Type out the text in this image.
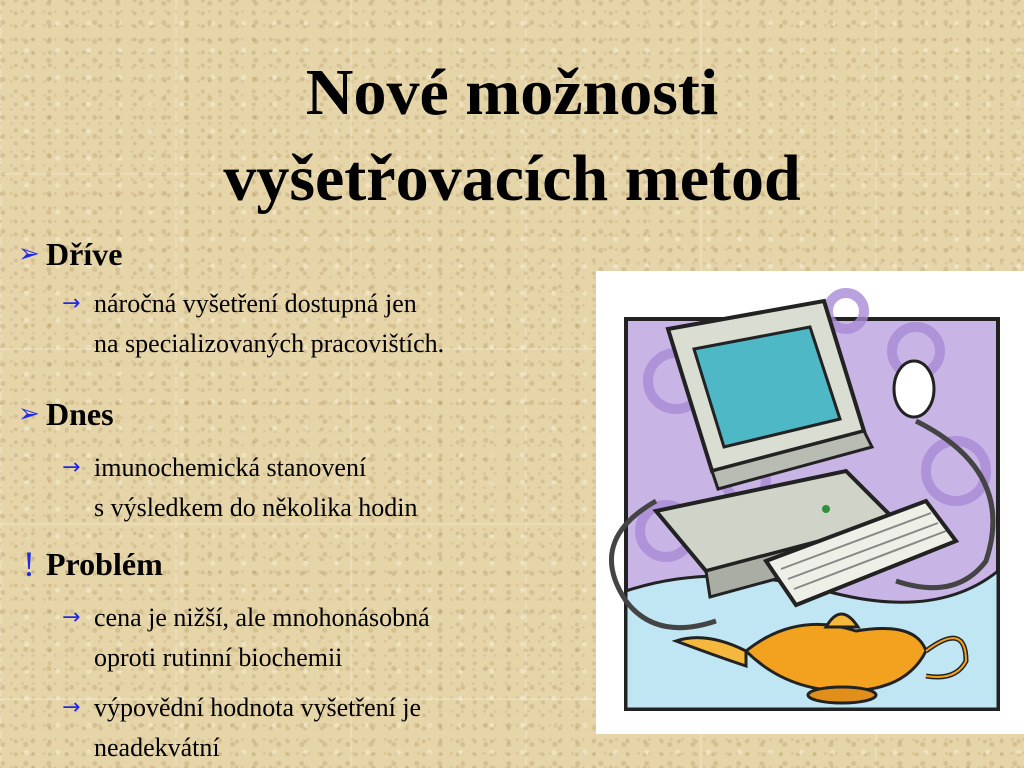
Nové možnosti
vyšetřovacích metod

➢ Dříve

→ náročná vyšetření dostupná jen
na specializovaných pracovištích.

➢ Dnes

→ imunochemická stanovení
s výsledkem do několika hodin

! Problém

→ cena je nižší, ale mnohonásobná
oproti rutinní biochemii

→ výpovědní hodnota vyšetření je
neadekvátní
